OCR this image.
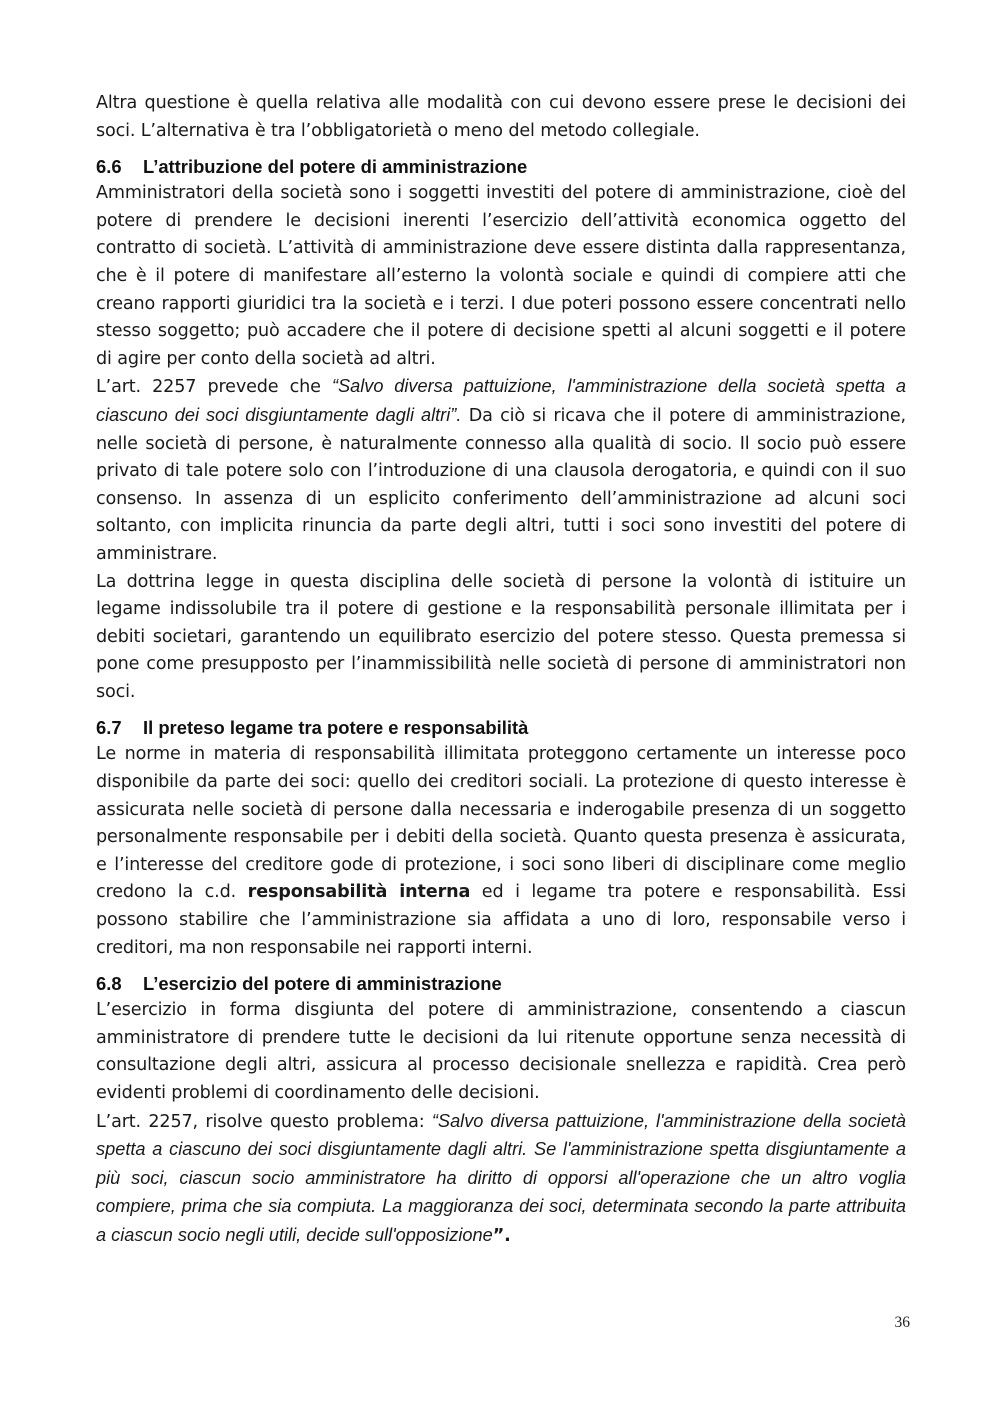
Altra questione è quella relativa alle modalità con cui devono essere prese le decisioni dei soci. L’alternativa è tra l’obbligatorietà o meno del metodo collegiale.

6.6 L’attribuzione del potere di amministrazione

Amministratori della società sono i soggetti investiti del potere di amministrazione, cioè del potere di prendere le decisioni inerenti l’esercizio dell’attività economica oggetto del contratto di società. L’attività di amministrazione deve essere distinta dalla rappresentanza, che è il potere di manifestare all’esterno la volontà sociale e quindi di compiere atti che creano rapporti giuridici tra la società e i terzi. I due poteri possono essere concentrati nello stesso soggetto; può accadere che il potere di decisione spetti al alcuni soggetti e il potere di agire per conto della società ad altri.

L’art. 2257 prevede che “Salvo diversa pattuizione, l'amministrazione della società spetta a ciascuno dei soci disgiuntamente dagli altri”. Da ciò si ricava che il potere di amministrazione, nelle società di persone, è naturalmente connesso alla qualità di socio. Il socio può essere privato di tale potere solo con l’introduzione di una clausola derogatoria, e quindi con il suo consenso. In assenza di un esplicito conferimento dell’amministrazione ad alcuni soci soltanto, con implicita rinuncia da parte degli altri, tutti i soci sono investiti del potere di amministrare.

La dottrina legge in questa disciplina delle società di persone la volontà di istituire un legame indissolubile tra il potere di gestione e la responsabilità personale illimitata per i debiti societari, garantendo un equilibrato esercizio del potere stesso. Questa premessa si pone come presupposto per l’inammissibilità nelle società di persone di amministratori non soci.

6.7 Il preteso legame tra potere e responsabilità

Le norme in materia di responsabilità illimitata proteggono certamente un interesse poco disponibile da parte dei soci: quello dei creditori sociali. La protezione di questo interesse è assicurata nelle società di persone dalla necessaria e inderogabile presenza di un soggetto personalmente responsabile per i debiti della società. Quanto questa presenza è assicurata, e l’interesse del creditore gode di protezione, i soci sono liberi di disciplinare come meglio credono la c.d. responsabilità interna ed i legame tra potere e responsabilità. Essi possono stabilire che l’amministrazione sia affidata a uno di loro, responsabile verso i creditori, ma non responsabile nei rapporti interni.

6.8 L’esercizio del potere di amministrazione

L’esercizio in forma disgiunta del potere di amministrazione, consentendo a ciascun amministratore di prendere tutte le decisioni da lui ritenute opportune senza necessità di consultazione degli altri, assicura al processo decisionale snellezza e rapidità. Crea però evidenti problemi di coordinamento delle decisioni.

L’art. 2257, risolve questo problema: “Salvo diversa pattuizione, l'amministrazione della società spetta a ciascuno dei soci disgiuntamente dagli altri. Se l'amministrazione spetta disgiuntamente a più soci, ciascun socio amministratore ha diritto di opporsi all'operazione che un altro voglia compiere, prima che sia compiuta. La maggioranza dei soci, determinata secondo la parte attribuita a ciascun socio negli utili, decide sull'opposizione”.

36
